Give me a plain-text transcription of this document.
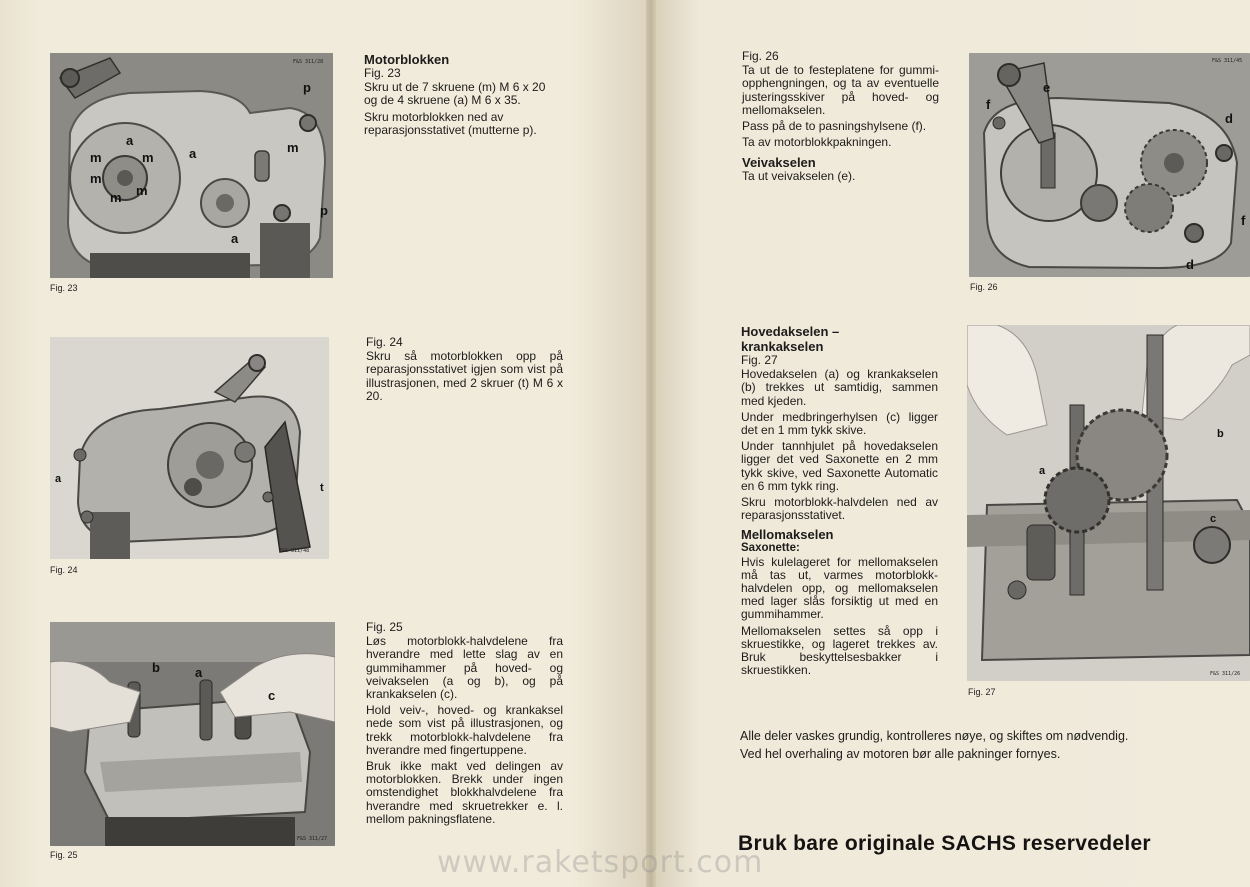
F&S 311/28
p
a
m	m	a
m
m
m
m
p
a
Fig. 23

Motorblokken

Fig. 23

Skru ut de 7 skruene (m) M 6 x 20 og de 4 skruene (a) M 6 x 35.

Skru motorblokken ned av reparasjonsstativet (mutterne p).

F&S 311/48
a
t
Fig. 24

Fig. 24

Skru så motorblokken opp på reparasjonsstativet igjen som vist på illustrasjonen, med 2 skruer (t) M 6 x 20.

F&S 311/27
b	a
c
Fig. 25

Fig. 25

Løs motorblokk-halvdelene fra hverandre med lette slag av en gummihammer på hoved- og veivakselen (a og b), og på krankakselen (c).

Hold veiv-, hoved- og krankaksel nede som vist på illustrasjonen, og trekk motorblokk-halvdelene fra hverandre med fingertuppene.

Bruk ikke makt ved delingen av motorblokken. Brekk under ingen omstendighet blokkhalvdelene fra hverandre med skruetrekker e. l. mellom pakningsflatene.

Fig. 26

Ta ut de to festeplatene for gummi-opphengningen, og ta av eventuelle justeringsskiver på hoved- og mellomakselen.

Pass på de to pasningshylsene (f).

Ta av motorblokkpakningen.

Veivakselen

Ta ut veivakselen (e).

F&S 311/45
f
e
d
f
d
Fig. 26

Hovedakselen –

krankakselen

Fig. 27

Hovedakselen (a) og krankakselen (b) trekkes ut samtidig, sammen med kjeden.

Under medbringerhylsen (c) ligger det en 1 mm tykk skive.

Under tannhjulet på hovedakselen ligger det ved Saxonette en 2 mm tykk skive, ved Saxonette Automatic en 6 mm tykk ring.

Skru motorblokk-halvdelen ned av reparasjonsstativet.

Mellomakselen

Saxonette:

Hvis kulelageret for mellomakselen må tas ut, varmes motorblokk-halvdelen opp, og mellomakselen med lager slås forsiktig ut med en gummihammer.

Mellomakselen settes så opp i skruestikke, og lageret trekkes av. Bruk beskyttelsesbakker i skruestikken.	F&S 311/26
b
a
c
Fig. 27

Alle deler vaskes grundig, kontrolleres nøye, og skiftes om nødvendig.

Ved hel overhaling av motoren bør alle pakninger fornyes.

Bruk bare originale SACHS reservedeler
www.raketsport.com
